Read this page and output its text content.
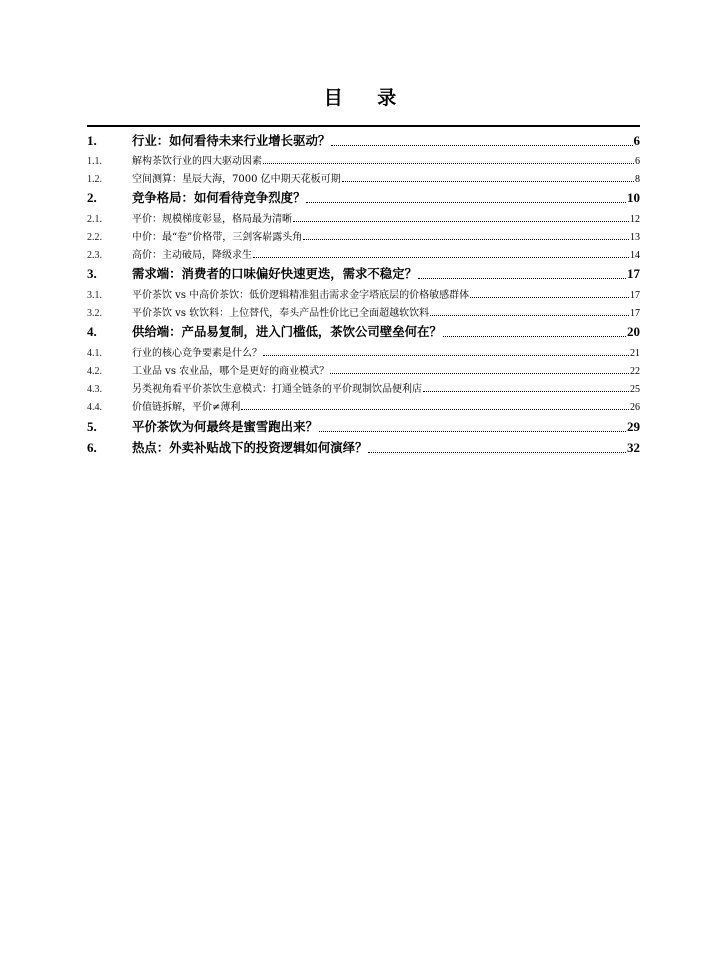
目 录
1.	行业：如何看待未来行业增长驱动？	6
1.1.	解构茶饮行业的四大驱动因素	6
1.2.	空间测算：星辰大海，7000 亿中期天花板可期	8
2.	竞争格局：如何看待竞争烈度？	10
2.1.	平价：规模梯度彰显，格局最为清晰	12
2.2.	中价：最“卷”价格带，三剑客崭露头角	13
2.3.	高价：主动破局，降级求生	14
3.	需求端：消费者的口味偏好快速更迭，需求不稳定？	17
3.1.	平价茶饮 vs 中高价茶饮：低价逻辑精准狙击需求金字塔底层的价格敏感群体	17
3.2.	平价茶饮 vs 软饮料：上位替代，奉头产品性价比已全面超越软饮料	17
4.	供给端：产品易复制，进入门槛低，茶饮公司壁垒何在？	20
4.1.	行业的核心竞争要素是什么？	21
4.2.	工业品 vs 农业品，哪个是更好的商业模式？	22
4.3.	另类视角看平价茶饮生意模式：打通全链条的平价现制饮品便利店	25
4.4.	价值链拆解，平价≠薄利	26
5.	平价茶饮为何最终是蜜雪跑出来？	29
6.	热点：外卖补贴战下的投资逻辑如何演绎？	32
